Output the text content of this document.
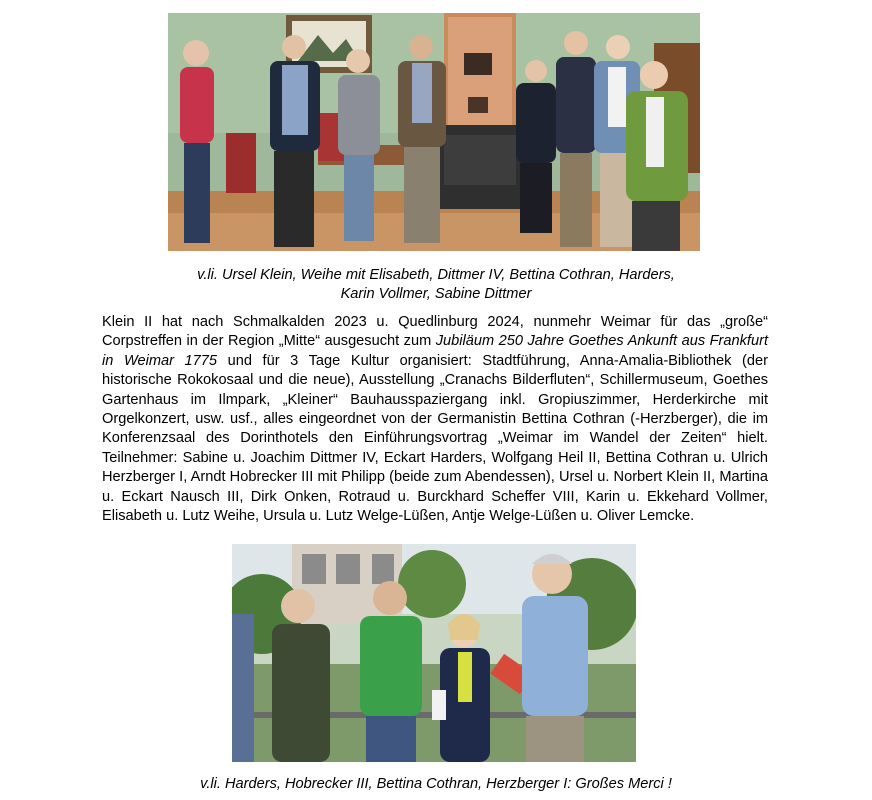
v.li. Ursel Klein, Weihe mit Elisabeth, Dittmer IV, Bettina Cothran, Harders,
Karin Vollmer, Sabine Dittmer

Klein II hat nach Schmalkalden 2023 u. Quedlinburg 2024, nunmehr Weimar für das „große“ Corpstreffen in der Region „Mitte“ ausgesucht zum Jubiläum 250 Jahre Goethes Ankunft aus Frankfurt in Weimar 1775 und für 3 Tage Kultur organisiert: Stadtführung, Anna-Amalia-Bibliothek (der historische Rokokosaal und die neue), Ausstellung „Cranachs Bilderfluten“, Schillermuseum, Goethes Gartenhaus im Ilmpark, „Kleiner“ Bauhausspaziergang inkl. Gropiuszimmer, Herderkirche mit Orgelkonzert, usw. usf., alles eingeordnet von der Germanistin Bettina Cothran (-Herzberger), die im Konferenzsaal des Dorinthotels den Einführungsvortrag „Weimar im Wandel der Zeiten“ hielt. Teilnehmer: Sabine u. Joachim Dittmer IV, Eckart Harders, Wolfgang Heil II, Bettina Cothran u. Ulrich Herzberger I, Arndt Hobrecker III mit Philipp (beide zum Abendessen), Ursel u. Norbert Klein II, Martina u. Eckart Nausch III, Dirk Onken, Rotraud u. Burckhard Scheffer VIII, Karin u. Ekkehard Vollmer, Elisabeth u. Lutz Weihe, Ursula u. Lutz Welge-Lüßen, Antje Welge-Lüßen u. Oliver Lemcke.

v.li. Harders, Hobrecker III, Bettina Cothran, Herzberger I: Großes Merci !
